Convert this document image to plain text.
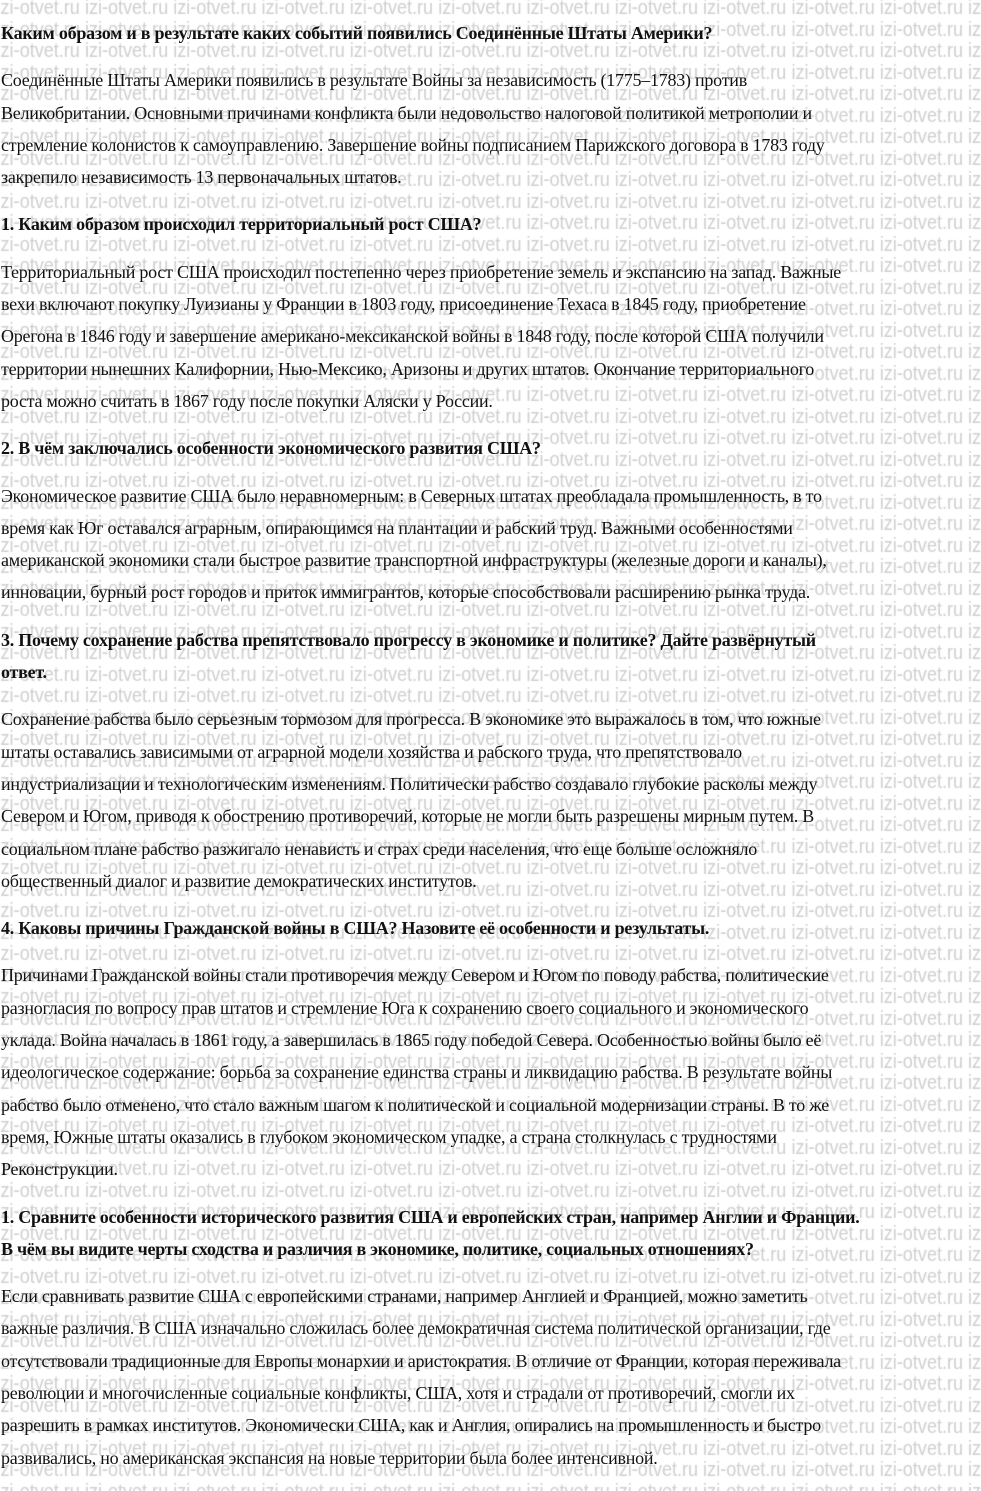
Каким образом и в результате каких событий появились Соединённые Штаты Америки?
Соединённые Штаты Америки появились в результате Войны за независимость (1775–1783) против
Великобритании. Основными причинами конфликта были недовольство налоговой политикой метрополии и
стремление колонистов к самоуправлению. Завершение войны подписанием Парижского договора в 1783 году
закрепило независимость 13 первоначальных штатов.
1. Каким образом происходил территориальный рост США?
Территориальный рост США происходил постепенно через приобретение земель и экспансию на запад. Важные
вехи включают покупку Луизианы у Франции в 1803 году, присоединение Техаса в 1845 году, приобретение
Орегона в 1846 году и завершение американо-мексиканской войны в 1848 году, после которой США получили
территории нынешних Калифорнии, Нью-Мексико, Аризоны и других штатов. Окончание территориального
роста можно считать в 1867 году после покупки Аляски у России.
2. В чём заключались особенности экономического развития США?
Экономическое развитие США было неравномерным: в Северных штатах преобладала промышленность, в то
время как Юг оставался аграрным, опирающимся на плантации и рабский труд. Важными особенностями
американской экономики стали быстрое развитие транспортной инфраструктуры (железные дороги и каналы),
инновации, бурный рост городов и приток иммигрантов, которые способствовали расширению рынка труда.
3. Почему сохранение рабства препятствовало прогрессу в экономике и политике? Дайте развёрнутый
ответ.
Сохранение рабства было серьезным тормозом для прогресса. В экономике это выражалось в том, что южные
штаты оставались зависимыми от аграрной модели хозяйства и рабского труда, что препятствовало
индустриализации и технологическим изменениям. Политически рабство создавало глубокие расколы между
Севером и Югом, приводя к обострению противоречий, которые не могли быть разрешены мирным путем. В
социальном плане рабство разжигало ненависть и страх среди населения, что еще больше осложняло
общественный диалог и развитие демократических институтов.
4. Каковы причины Гражданской войны в США? Назовите её особенности и результаты.
Причинами Гражданской войны стали противоречия между Севером и Югом по поводу рабства, политические
разногласия по вопросу прав штатов и стремление Юга к сохранению своего социального и экономического
уклада. Война началась в 1861 году, а завершилась в 1865 году победой Севера. Особенностью войны было её
идеологическое содержание: борьба за сохранение единства страны и ликвидацию рабства. В результате войны
рабство было отменено, что стало важным шагом к политической и социальной модернизации страны. В то же
время, Южные штаты оказались в глубоком экономическом упадке, а страна столкнулась с трудностями
Реконструкции.
1. Сравните особенности исторического развития США и европейских стран, например Англии и Франции.
В чём вы видите черты сходства и различия в экономике, политике, социальных отношениях?
Если сравнивать развитие США с европейскими странами, например Англией и Францией, можно заметить
важные различия. В США изначально сложилась более демократичная система политической организации, где
отсутствовали традиционные для Европы монархии и аристократия. В отличие от Франции, которая переживала
революции и многочисленные социальные конфликты, США, хотя и страдали от противоречий, смогли их
разрешить в рамках институтов. Экономически США, как и Англия, опирались на промышленность и быстро
развивались, но американская экспансия на новые территории была более интенсивной.
